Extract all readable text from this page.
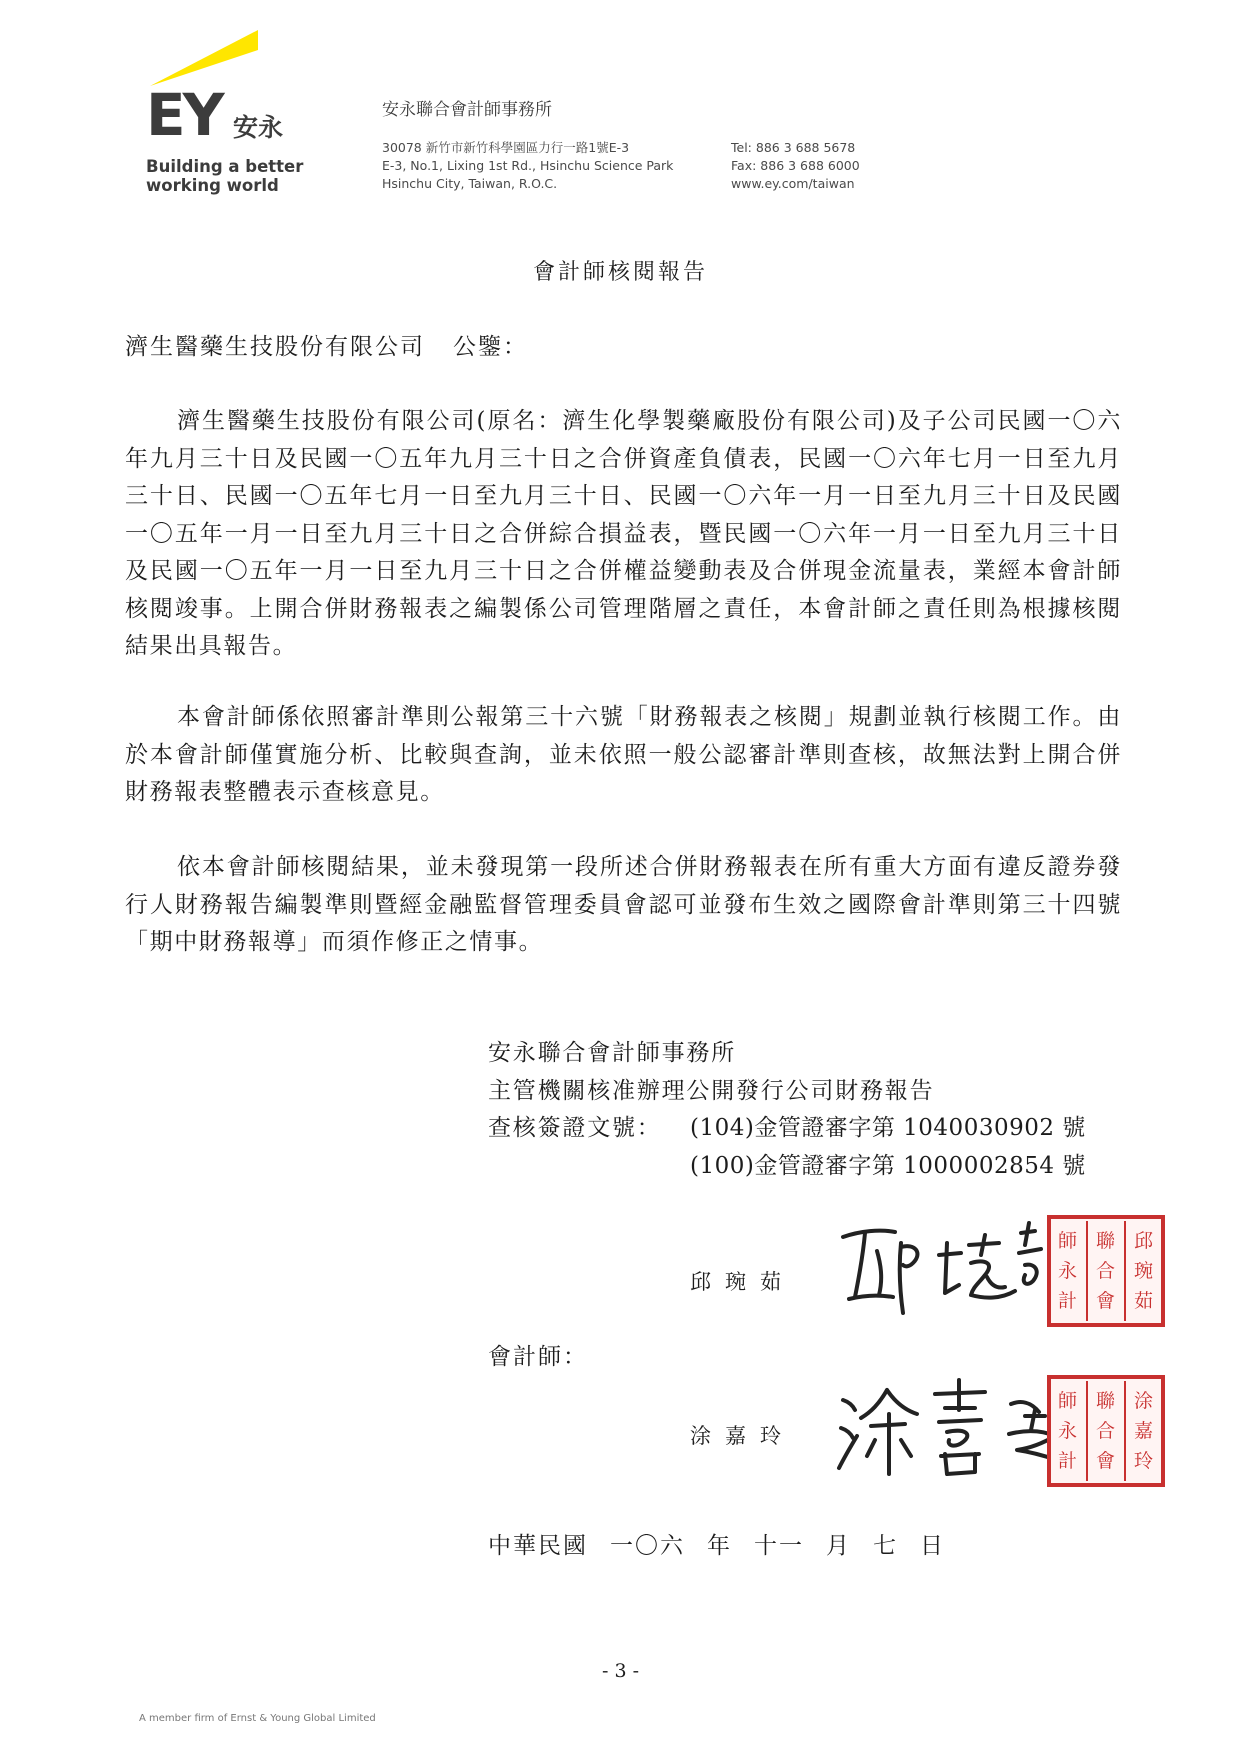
EY 安永
Building a better
working world
安永聯合會計師事務所
30078 新竹市新竹科學園區力行一路1號E-3
E-3, No.1, Lixing 1st Rd., Hsinchu Science Park
Hsinchu City, Taiwan, R.O.C.
Tel: 886 3 688 5678
Fax: 886 3 688 6000
www.ey.com/taiwan
會計師核閱報告
濟生醫藥生技股份有限公司 公鑒：
濟生醫藥生技股份有限公司(原名：濟生化學製藥廠股份有限公司)及子公司民國一〇六年九月三十日及民國一〇五年九月三十日之合併資產負債表，民國一〇六年七月一日至九月三十日、民國一〇五年七月一日至九月三十日、民國一〇六年一月一日至九月三十日及民國一〇五年一月一日至九月三十日之合併綜合損益表，暨民國一〇六年一月一日至九月三十日及民國一〇五年一月一日至九月三十日之合併權益變動表及合併現金流量表，業經本會計師核閱竣事。上開合併財務報表之編製係公司管理階層之責任，本會計師之責任則為根據核閱結果出具報告。
本會計師係依照審計準則公報第三十六號「財務報表之核閱」規劃並執行核閱工作。由於本會計師僅實施分析、比較與查詢，並未依照一般公認審計準則查核，故無法對上開合併財務報表整體表示查核意見。
依本會計師核閱結果，並未發現第一段所述合併財務報表在所有重大方面有違反證券發行人財務報告編製準則暨經金融監督管理委員會認可並發布生效之國際會計準則第三十四號「期中財務報導」而須作修正之情事。
安永聯合會計師事務所
主管機關核准辦理公開發行公司財務報告
查核簽證文號： (104)金管證審字第 1040030902 號
(100)金管證審字第 1000002854 號
邱琬茹
會計師：
涂嘉玲
師
永
計
聯
合
會
邱
琬
茹
師
永
計
聯
合
會
涂
嘉
玲
中華民國 一〇六 年 十一 月 七 日
- 3 -
A member firm of Ernst & Young Global Limited
